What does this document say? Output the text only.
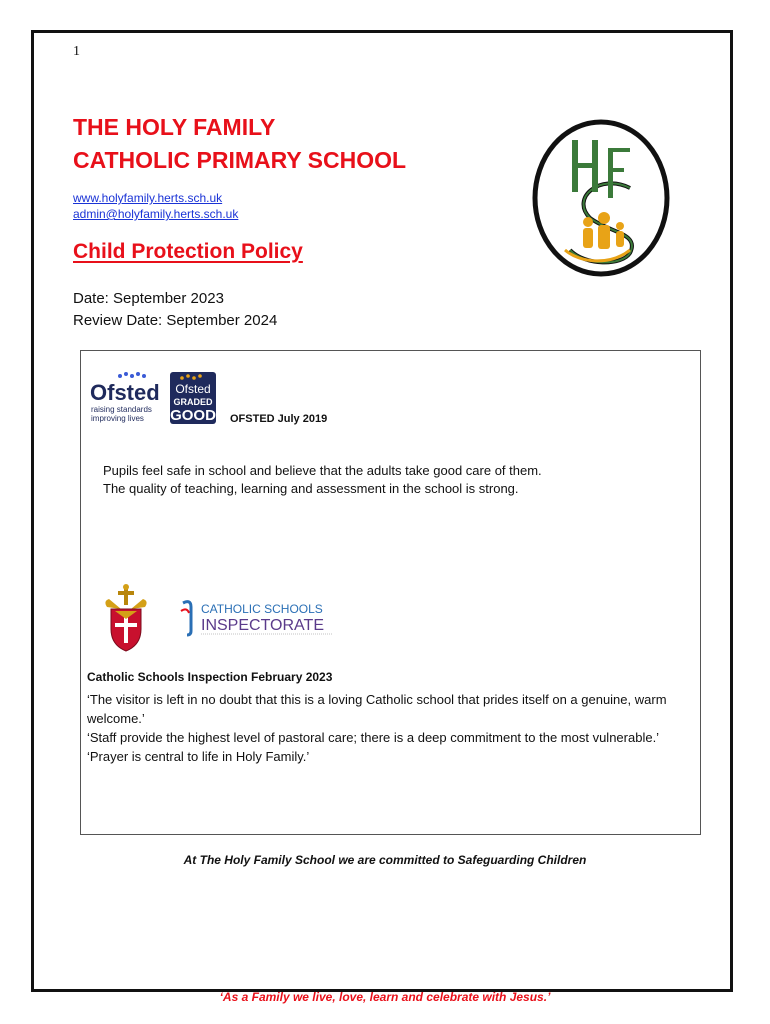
1
THE HOLY FAMILY
CATHOLIC PRIMARY SCHOOL
www.holyfamily.herts.sch.uk
admin@holyfamily.herts.sch.uk
Child Protection Policy
Date: September 2023
Review Date: September 2024
Ofsted
raising standards
improving lives
Ofsted
GRADED
GOOD OFSTED July 2019
Pupils feel safe in school and believe that the adults take good care of them.
The quality of teaching, learning and assessment in the school is strong.
CATHOLIC SCHOOLS
INSPECTORATE
Catholic Schools Inspection February 2023
‘The visitor is left in no doubt that this is a loving Catholic school that prides itself on a genuine, warm welcome.’
‘Staff provide the highest level of pastoral care; there is a deep commitment to the most vulnerable.’
‘Prayer is central to life in Holy Family.’
At The Holy Family School we are committed to Safeguarding Children
‘As a Family we live, love, learn and celebrate with Jesus.’
